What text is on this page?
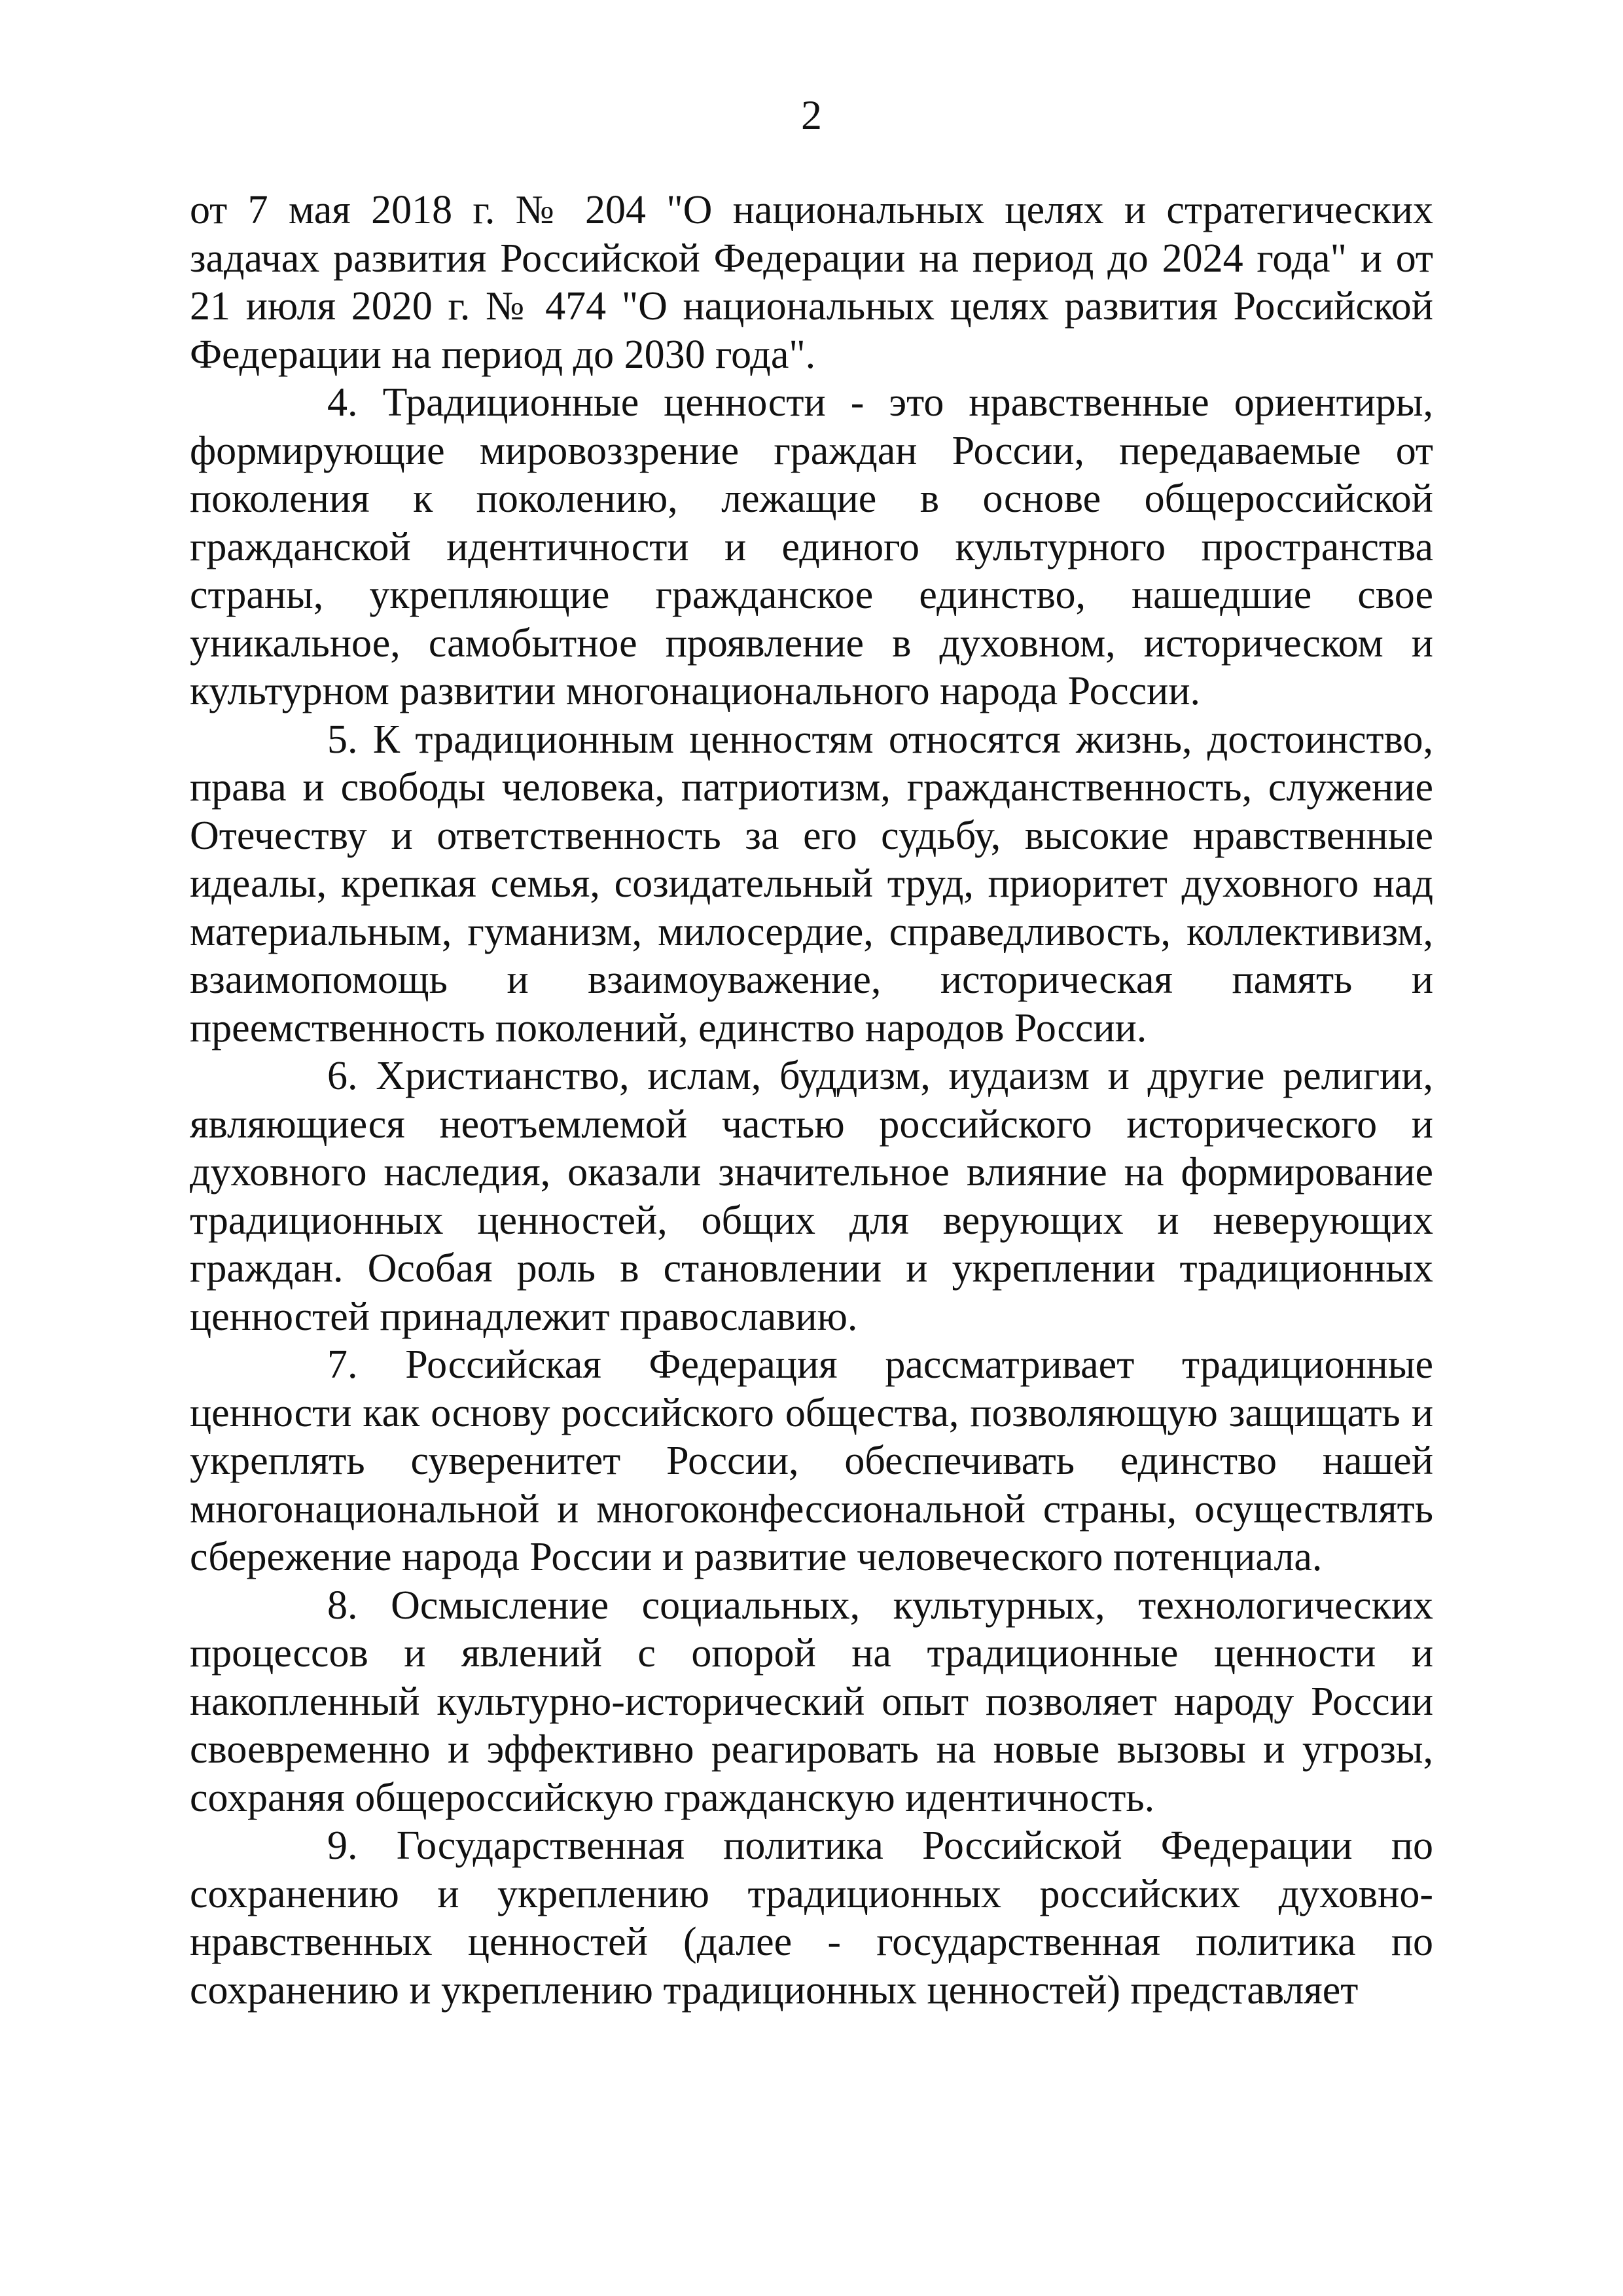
2

от 7 мая 2018 г. № 204 "О национальных целях и стратегических задачах развития Российской Федерации на период до 2024 года" и от 21 июля 2020 г. № 474 "О национальных целях развития Российской Федерации на период до 2030 года".

4. Традиционные ценности - это нравственные ориентиры, формирующие мировоззрение граждан России, передаваемые от поколения к поколению, лежащие в основе общероссийской гражданской идентичности и единого культурного пространства страны, укрепляющие гражданское единство, нашедшие свое уникальное, самобытное проявление в духовном, историческом и культурном развитии многонационального народа России.

5. К традиционным ценностям относятся жизнь, достоинство, права и свободы человека, патриотизм, гражданственность, служение Отечеству и ответственность за его судьбу, высокие нравственные идеалы, крепкая семья, созидательный труд, приоритет духовного над материальным, гуманизм, милосердие, справедливость, коллективизм, взаимопомощь и взаимоуважение, историческая память и преемственность поколений, единство народов России.

6. Христианство, ислам, буддизм, иудаизм и другие религии, являющиеся неотъемлемой частью российского исторического и духовного наследия, оказали значительное влияние на формирование традиционных ценностей, общих для верующих и неверующих граждан. Особая роль в становлении и укреплении традиционных ценностей принадлежит православию.

7. Российская Федерация рассматривает традиционные ценности как основу российского общества, позволяющую защищать и укреплять суверенитет России, обеспечивать единство нашей многонациональной и многоконфессиональной страны, осуществлять сбережение народа России и развитие человеческого потенциала.

8. Осмысление социальных, культурных, технологических процессов и явлений с опорой на традиционные ценности и накопленный культурно-исторический опыт позволяет народу России своевременно и эффективно реагировать на новые вызовы и угрозы, сохраняя общероссийскую гражданскую идентичность.

9. Государственная политика Российской Федерации по сохранению и укреплению традиционных российских духовно-нравственных ценностей (далее - государственная политика по сохранению и укреплению традиционных ценностей) представляет
